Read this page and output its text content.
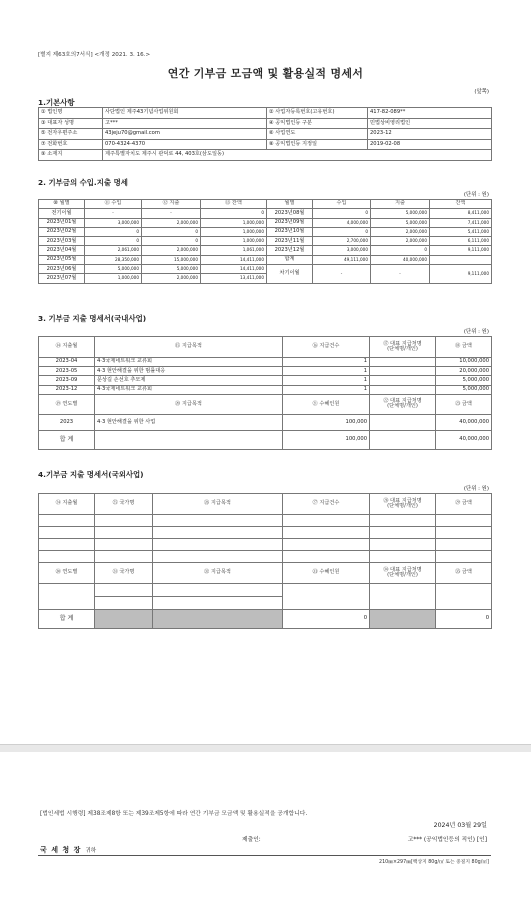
[별지 제63호의7서식] <개정 2021. 3. 16.>
연간 기부금 모금액 및 활용실적 명세서
(앞쪽)
1.기본사항
① 법인명	사단법인 제주43기념사업위원회	② 사업자등록번호(고유번호)	417-82-089**
③ 대표자 성명	고***	④ 공익법인등 구분	민법상비영리법인
⑤ 전자우편주소	43jeju70@gmail.com	⑥ 사업연도	2023-12
⑦ 전화번호	070-4324-4370	⑧ 공익법인등 지정일	2019-02-08
⑨ 소재지	제주특별자치도 제주시 관덕로 44, 403호(삼도일동)		
2. 기부금의 수입.지출 명세
(단위 : 원)
⑩ 월별	⑪ 수입	⑫ 지출	⑬ 잔액	월별	수입	지출	잔액
전기이월	-	-	0	2023년08월	0	5,000,000	8,411,000
2023년01월	3,000,000	2,000,000	1,000,000	2023년09월	4,000,000	5,000,000	7,411,000
2023년02월	0	0	1,000,000	2023년10월	0	2,000,000	5,411,000
2023년03월	0	0	1,000,000	2023년11월	2,700,000	2,000,000	6,111,000
2023년04월	2,061,000	2,000,000	1,061,000	2023년12월	3,000,000	0	9,111,000
2023년05월	28,350,000	15,000,000	14,411,000	합계	49,111,000	40,000,000	
2023년06월	5,000,000	5,000,000	14,411,000	차기이월	-	-	9,111,000
2023년07월	1,000,000	2,000,000	13,411,000				
3. 기부금 지출 명세서(국내사업)
(단위 : 원)
⑭ 지출월	⑮ 지급목적	⑯ 지급건수	⑰ 대표 지급처명
(단체명/개인)	⑱ 금액
2023-04	4·3국제네트워크 교류회	1		10,000,000
2023-05	4·3 현안해결을 위한 범률대응	1		20,000,000
2023-09	문상길 손선호 추모제	1		5,000,000
2023-12	4·3국제네트워크 교류회	1		5,000,000
⑲ 연도별	⑳ 지급목적	㉑ 수혜인원	㉒ 대표 지급처명
(단체명/개인)	㉓ 금액
2023	4·3 현안해결을 위한 사업	100,000		40,000,000
합 계		100,000		40,000,000
4.기부금 지출 명세서(국외사업)
(단위 : 원)
㉔ 지출월	㉕ 국가명	㉖ 지급목적	㉗ 지급건수	㉘ 대표 지급처명
(단체명/개인)	㉙ 금액

㉚ 연도별	㉛ 국가명	㉜ 지급목적	㉝ 수혜인원	㉞ 대표 지급처명
(단체명/개인)	㉟ 금액

합 계			0		0
[법인세법 시행령] 제38조제8항 또는 제39조제5항에 따라 연간 기부금 모금액 및 활용실적을 공개합니다.
2024년 03월 29일
제출인:	고*** (공익법인등의 직인) [인]
국 세 청 장 귀하
210㎜×297㎜[백상지 80g/㎡ 또는 중질지 80g/㎡]
